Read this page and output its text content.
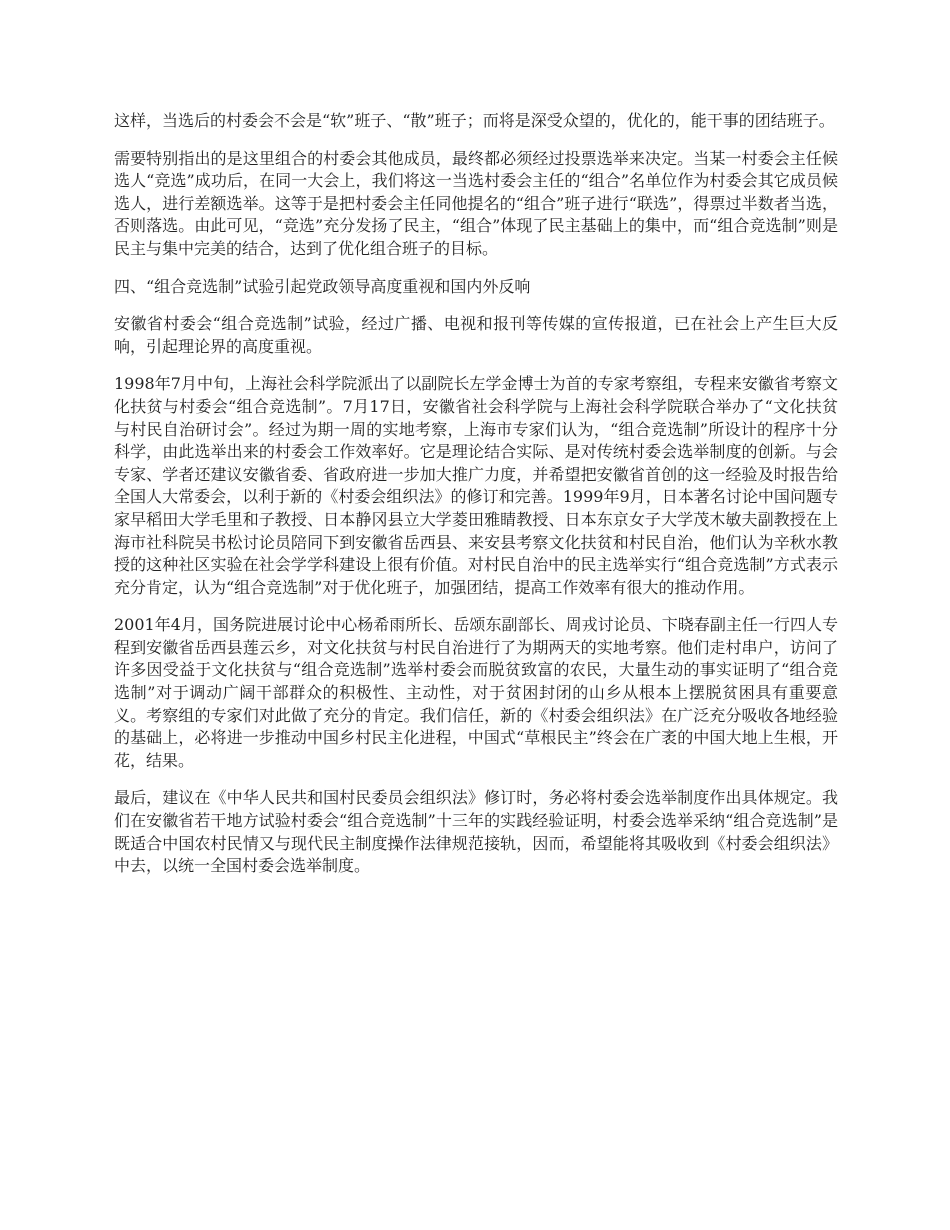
这样，当选后的村委会不会是“软”班子、“散”班子；而将是深受众望的，优化的，能干事的团结班子。

需要特别指出的是这里组合的村委会其他成员，最终都必须经过投票选举来决定。当某一村委会主任候选人“竞选”成功后，在同一大会上，我们将这一当选村委会主任的“组合”名单位作为村委会其它成员候选人，进行差额选举。这等于是把村委会主任同他提名的“组合”班子进行“联选”，得票过半数者当选，否则落选。由此可见，“竞选”充分发扬了民主，“组合”体现了民主基础上的集中，而“组合竞选制”则是民主与集中完美的结合，达到了优化组合班子的目标。

四、“组合竞选制”试验引起党政领导高度重视和国内外反响

安徽省村委会“组合竞选制”试验，经过广播、电视和报刊等传媒的宣传报道，已在社会上产生巨大反响，引起理论界的高度重视。

1998年7月中旬，上海社会科学院派出了以副院长左学金博士为首的专家考察组，专程来安徽省考察文化扶贫与村委会“组合竞选制”。7月17日，安徽省社会科学院与上海社会科学院联合举办了“文化扶贫与村民自治研讨会”。经过为期一周的实地考察，上海市专家们认为，“组合竞选制”所设计的程序十分科学，由此选举出来的村委会工作效率好。它是理论结合实际、是对传统村委会选举制度的创新。与会专家、学者还建议安徽省委、省政府进一步加大推广力度，并希望把安徽省首创的这一经验及时报告给全国人大常委会，以利于新的《村委会组织法》的修订和完善。1999年9月，日本著名讨论中国问题专家早稻田大学毛里和子教授、日本静冈县立大学菱田雅睛教授、日本东京女子大学茂木敏夫副教授在上海市社科院吴书松讨论员陪同下到安徽省岳西县、来安县考察文化扶贫和村民自治，他们认为辛秋水教授的这种社区实验在社会学学科建设上很有价值。对村民自治中的民主选举实行“组合竞选制”方式表示充分肯定，认为“组合竞选制”对于优化班子，加强团结，提高工作效率有很大的推动作用。

2001年4月，国务院进展讨论中心杨希雨所长、岳颂东副部长、周戎讨论员、卞晓春副主任一行四人专程到安徽省岳西县莲云乡，对文化扶贫与村民自治进行了为期两天的实地考察。他们走村串户，访问了许多因受益于文化扶贫与“组合竞选制”选举村委会而脱贫致富的农民，大量生动的事实证明了“组合竞选制”对于调动广阔干部群众的积极性、主动性，对于贫困封闭的山乡从根本上摆脱贫困具有重要意义。考察组的专家们对此做了充分的肯定。我们信任，新的《村委会组织法》在广泛充分吸收各地经验的基础上，必将进一步推动中国乡村民主化进程，中国式“草根民主”终会在广袤的中国大地上生根，开花，结果。

最后，建议在《中华人民共和国村民委员会组织法》修订时，务必将村委会选举制度作出具体规定。我们在安徽省若干地方试验村委会“组合竞选制”十三年的实践经验证明，村委会选举采纳“组合竞选制”是既适合中国农村民情又与现代民主制度操作法律规范接轨，因而，希望能将其吸收到《村委会组织法》中去，以统一全国村委会选举制度。
